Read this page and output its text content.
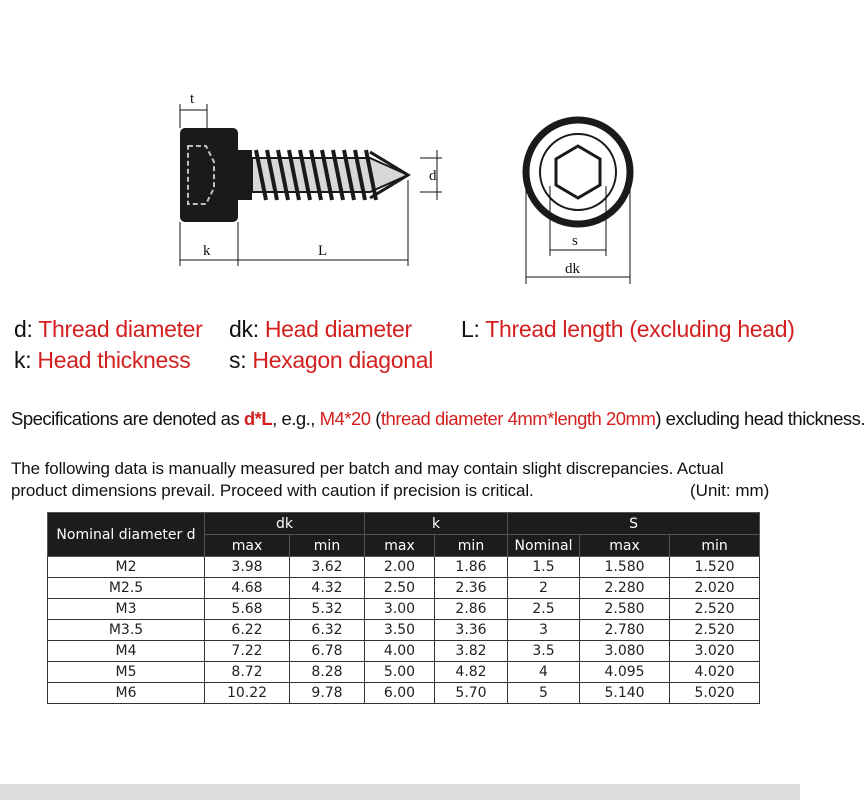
t
k	L
d
s
dk
d: Thread diameter dk: Head diameter L: Thread length (excluding head)
k: Head thickness s: Hexagon diagonal
Specifications are denoted as d*L, e.g., M4*20 (thread diameter 4mm*length 20mm) excluding head thickness.
The following data is manually measured per batch and may contain slight discrepancies. Actual product dimensions prevail. Proceed with caution if precision is critical.	(Unit: mm)
Nominal diameter d	dk		k		S		
	max	min	max	min	Nominal	max	min
M2	3.98	3.62	2.00	1.86	1.5	1.580	1.520
M2.5	4.68	4.32	2.50	2.36	2	2.280	2.020
M3	5.68	5.32	3.00	2.86	2.5	2.580	2.520
M3.5	6.22	6.32	3.50	3.36	3	2.780	2.520
M4	7.22	6.78	4.00	3.82	3.5	3.080	3.020
M5	8.72	8.28	5.00	4.82	4	4.095	4.020
M6	10.22	9.78	6.00	5.70	5	5.140	5.020
